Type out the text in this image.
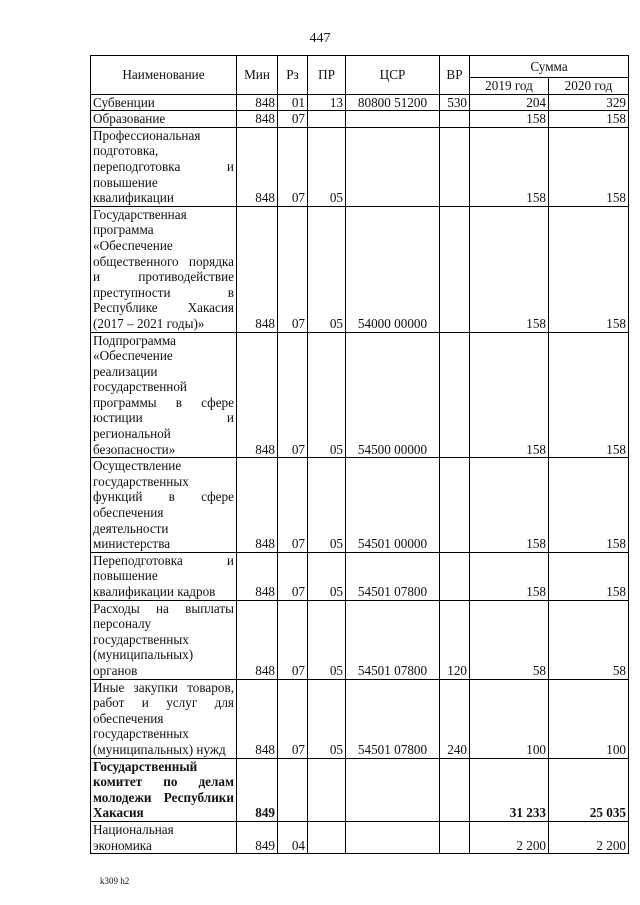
447
Наименование	Мин	Рз	ПР	ЦСР	ВР	Сумма	
						2019 год	2020 год
Субвенции	848	01	13	80800 51200	530	204	329
Образование	848	07				158	158
Профессиональная подготовка, переподготовка и повышение квалификации	848	07	05			158	158
Государственная программа «Обеспечение общественного порядка и противодействие преступности в Республике Хакасия (2017 – 2021 годы)»	848	07	05	54000 00000		158	158
Подпрограмма «Обеспечение реализации государственной программы в сфере юстиции и региональной безопасности»	848	07	05	54500 00000		158	158
Осуществление государственных функций в сфере обеспечения деятельности министерства	848	07	05	54501 00000		158	158
Переподготовка и повышение квалификации кадров	848	07	05	54501 07800		158	158
Расходы на выплаты персоналу государственных (муниципальных) органов	848	07	05	54501 07800	120	58	58
Иные закупки товаров, работ и услуг для обеспечения государственных (муниципальных) нужд	848	07	05	54501 07800	240	100	100
Государственный комитет по делам молодежи Республики Хакасия	849					31 233	25 035
Национальная экономика	849	04				2 200	2 200
k309 h2
